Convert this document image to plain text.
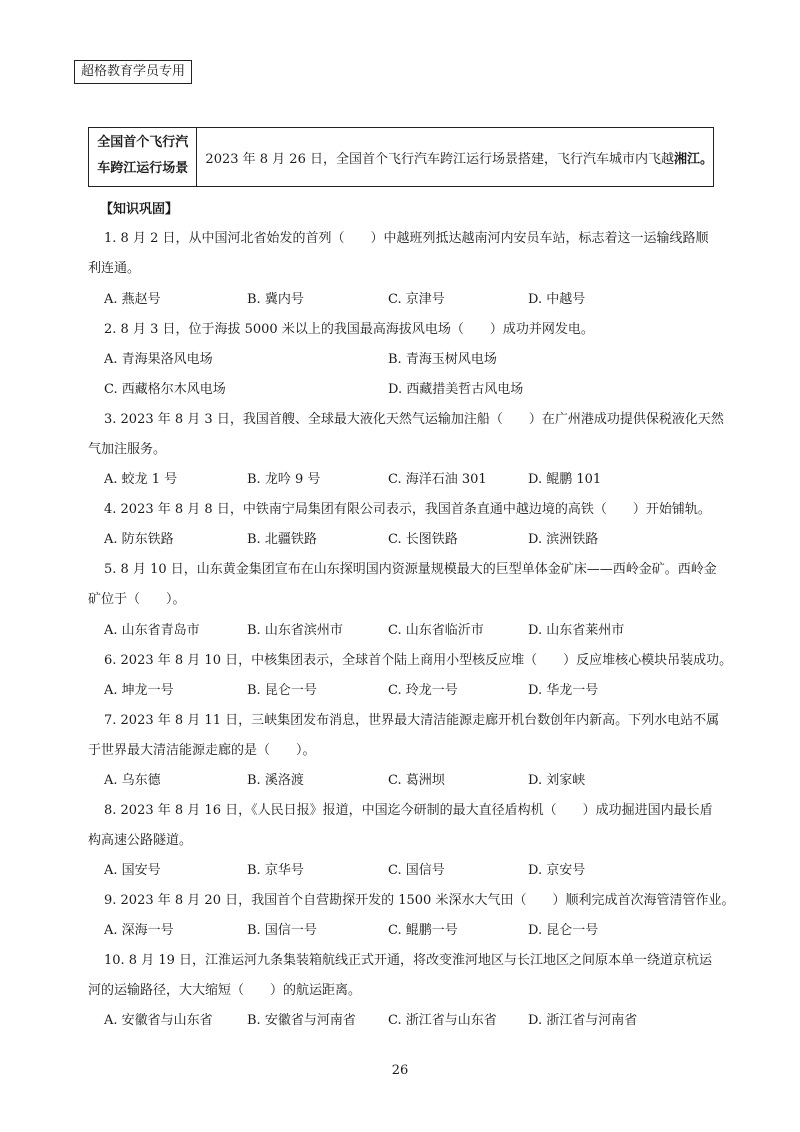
超格教育学员专用
全国首个飞行汽
车跨江运行场景
2023 年 8 月 26 日，全国首个飞行汽车跨江运行场景搭建，飞行汽车城市内飞越 湘江。
【知识巩固】
1. 8 月 2 日，从中国河北省始发的首列（　　）中越班列抵达越南河内安员车站，标志着这一运输线路顺
利连通。
A. 燕赵号	B. 冀内号	C. 京津号	D. 中越号
2. 8 月 3 日，位于海拔 5000 米以上的我国最高海拔风电场（　　）成功并网发电。
A. 青海果洛风电场	B. 青海玉树风电场
C. 西藏格尔木风电场	D. 西藏措美哲古风电场
3. 2023 年 8 月 3 日，我国首艘、全球最大液化天然气运输加注船（　　）在广州港成功提供保税液化天然
气加注服务。
A. 蛟龙 1 号	B. 龙吟 9 号	C. 海洋石油 301	D. 鲲鹏 101
4. 2023 年 8 月 8 日，中铁南宁局集团有限公司表示，我国首条直通中越边境的高铁（　　）开始铺轨。
A. 防东铁路	B. 北疆铁路	C. 长图铁路	D. 滨洲铁路
5. 8 月 10 日，山东黄金集团宣布在山东探明国内资源量规模最大的巨型单体金矿床——西岭金矿。西岭金
矿位于（　　）。
A. 山东省青岛市	B. 山东省滨州市	C. 山东省临沂市	D. 山东省莱州市
6. 2023 年 8 月 10 日，中核集团表示，全球首个陆上商用小型核反应堆（　　）反应堆核心模块吊装成功。
A. 坤龙一号	B. 昆仑一号	C. 玲龙一号	D. 华龙一号
7. 2023 年 8 月 11 日，三峡集团发布消息，世界最大清洁能源走廊开机台数创年内新高。下列水电站不属
于世界最大清洁能源走廊的是（　　）。
A. 乌东德	B. 溪洛渡	C. 葛洲坝	D. 刘家峡
8. 2023 年 8 月 16 日，《人民日报》报道，中国迄今研制的最大直径盾构机（　　）成功掘进国内最长盾
构高速公路隧道。
A. 国安号	B. 京华号	C. 国信号	D. 京安号
9. 2023 年 8 月 20 日，我国首个自营勘探开发的 1500 米深水大气田（　　）顺利完成首次海管清管作业。
A. 深海一号	B. 国信一号	C. 鲲鹏一号	D. 昆仑一号
10. 8 月 19 日，江淮运河九条集装箱航线正式开通，将改变淮河地区与长江地区之间原本单一绕道京杭运
河的运输路径，大大缩短（　　）的航运距离。
A. 安徽省与山东省	B. 安徽省与河南省 C. 浙江省与山东省 D. 浙江省与河南省
26
